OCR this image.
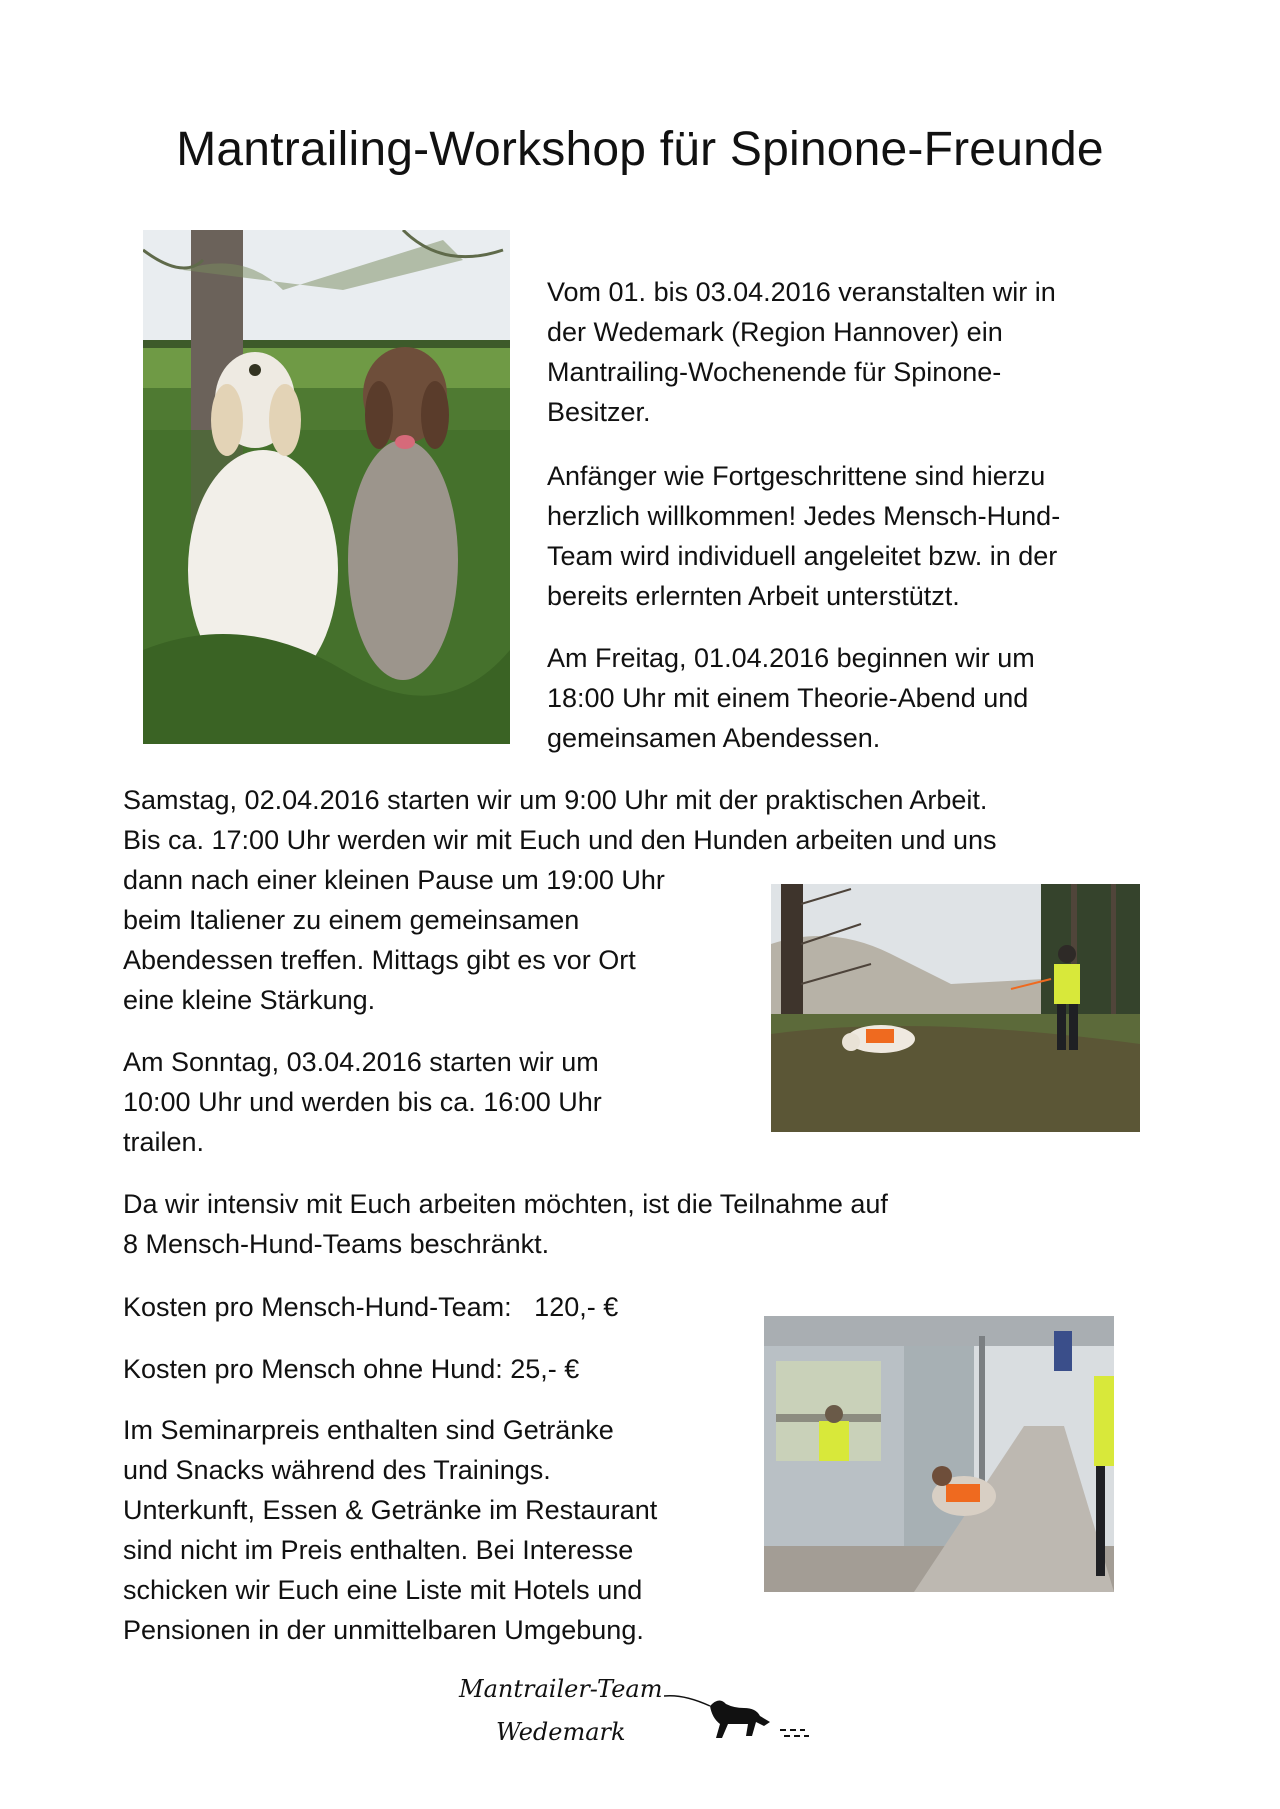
Mantrailing-Workshop für Spinone-Freunde
Vom 01. bis 03.04.2016 veranstalten wir in
der Wedemark (Region Hannover) ein
Mantrailing-Wochenende für Spinone-
Besitzer.
Anfänger wie Fortgeschrittene sind hierzu
herzlich willkommen! Jedes Mensch-Hund-
Team wird individuell angeleitet bzw. in der
bereits erlernten Arbeit unterstützt.
Am Freitag, 01.04.2016 beginnen wir um
18:00 Uhr mit einem Theorie-Abend und
gemeinsamen Abendessen.
Samstag, 02.04.2016 starten wir um 9:00 Uhr mit der praktischen Arbeit.
Bis ca. 17:00 Uhr werden wir mit Euch und den Hunden arbeiten und uns
dann nach einer kleinen Pause um 19:00 Uhr
beim Italiener zu einem gemeinsamen
Abendessen treffen. Mittags gibt es vor Ort
eine kleine Stärkung.
Am Sonntag, 03.04.2016 starten wir um
10:00 Uhr und werden bis ca. 16:00 Uhr
trailen.
Da wir intensiv mit Euch arbeiten möchten, ist die Teilnahme auf
8 Mensch-Hund-Teams beschränkt.
Kosten pro Mensch-Hund-Team:   120,- €
Kosten pro Mensch ohne Hund: 25,- €
Im Seminarpreis enthalten sind Getränke
und Snacks während des Trainings.
Unterkunft, Essen & Getränke im Restaurant
sind nicht im Preis enthalten. Bei Interesse
schicken wir Euch eine Liste mit Hotels und
Pensionen in der unmittelbaren Umgebung.
Mantrailer-Team
Wedemark
